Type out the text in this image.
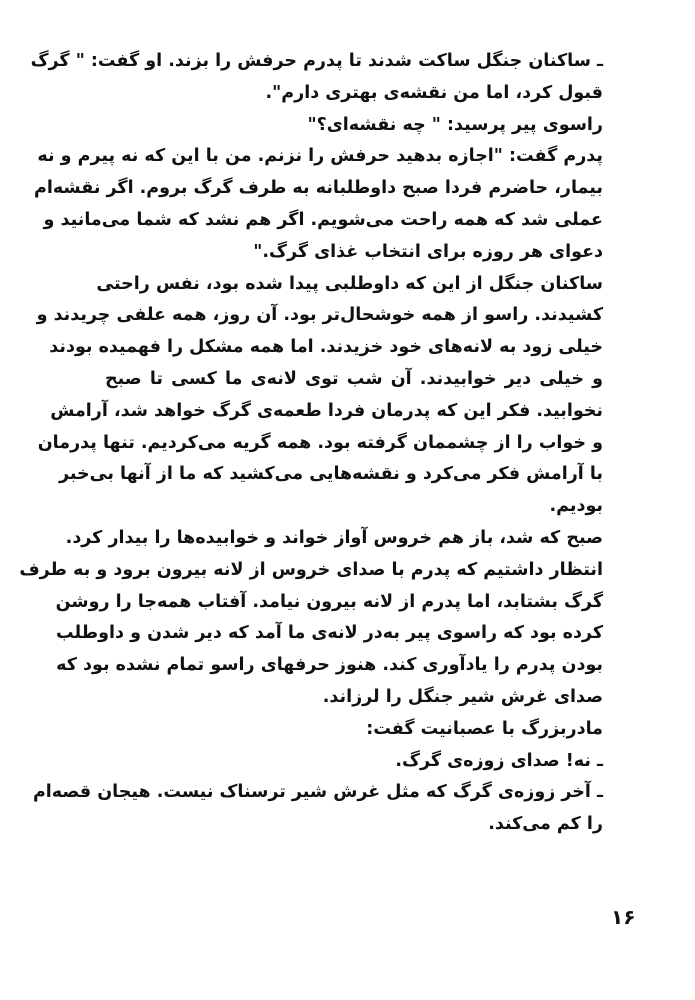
ـ ساکنان جنگل ساکت شدند تا پدرم حرفش را بزند. او گفت: " گرگ
قبول کرد، اما من نقشه‌ی بهتری دارم".
راسوی پیر پرسید: " چه نقشه‌ای؟"
پدرم گفت: "اجازه بدهید حرفش را نزنم. من با این که نه پیرم و نه
بیمار، حاضرم فردا صبح داوطلبانه به طرف گرگ بروم. اگر نقشه‌ام
عملی شد که همه راحت می‌شویم. اگر هم نشد که شما می‌مانید و
دعوای هر روزه برای انتخاب غذای گرگ."
ساکنان جنگل از این که داوطلبی پیدا شده بود، نفس راحتی
کشیدند. راسو از همه خوشحال‌تر بود. آن روز، همه علفی چریدند و
خیلی زود به لانه‌های خود خزیدند. اما همه مشکل را فهمیده بودند
و خیلی دیر خوابیدند. آن شب توی لانه‌ی ما کسی تا صبح
نخوابید. فکر این که پدرمان فردا طعمه‌ی گرگ خواهد شد، آرامش
و خواب را از چشممان گرفته بود. همه گریه می‌کردیم. تنها پدرمان
با آرامش فکر می‌کرد و نقشه‌هایی می‌کشید که ما از آنها بی‌خبر
بودیم.
صبح که شد، باز هم خروس آواز خواند و خوابیده‌ها را بیدار کرد.
انتظار داشتیم که پدرم با صدای خروس از لانه بیرون برود و به طرف
گرگ بشتابد، اما پدرم از لانه بیرون نیامد. آفتاب همه‌جا را روشن
کرده بود که راسوی پیر به‌در لانه‌ی ما آمد که دیر شدن و داوطلب
بودن پدرم را یادآوری کند. هنوز حرفهای راسو تمام نشده بود که
صدای غرش شیر جنگل را لرزاند.
مادربزرگ با عصبانیت گفت:
ـ نه! صدای زوزه‌ی گرگ.
ـ آخر زوزه‌ی گرگ که مثل غرش شیر ترسناک نیست. هیجان قصه‌ام
را کم می‌کند.
۱۶
